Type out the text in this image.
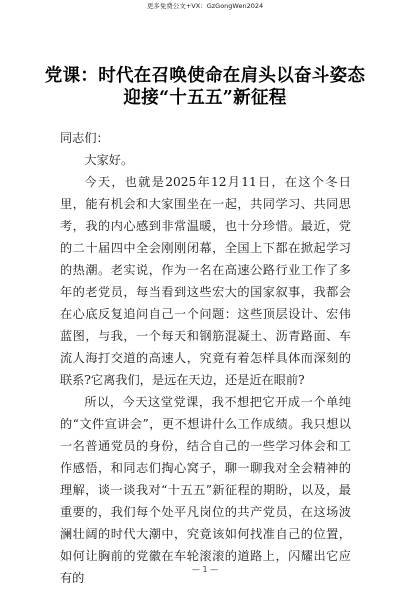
更多免费公文+VX：GzGongWen2024
党课：时代在召唤使命在肩头以奋斗姿态
迎接“十五五”新征程

同志们：

大家好。

今天，也就是2025年12月11日，在这个冬日里，能有机会和大家围坐在一起，共同学习、共同思考，我的内心感到非常温暖，也十分珍惜。最近，党的二十届四中全会刚刚闭幕，全国上下都在掀起学习的热潮。老实说，作为一名在高速公路行业工作了多年的老党员，每当看到这些宏大的国家叙事，我都会在心底反复追问自己一个问题：这些顶层设计、宏伟蓝图，与我，一个每天和钢筋混凝土、沥青路面、车流人海打交道的高速人，究竟有着怎样具体而深刻的联系?它离我们，是远在天边，还是近在眼前?

所以，今天这堂党课，我不想把它开成一个单纯的“文件宣讲会”，更不想讲什么工作成绩。我只想以一名普通党员的身份，结合自己的一些学习体会和工作感悟，和同志们掏心窝子，聊一聊我对全会精神的理解，谈一谈我对“十五五”新征程的期盼，以及，最重要的，我们每个处平凡岗位的共产党员，在这场波澜壮阔的时代大潮中，究竟该如何找准自己的位置，如何让胸前的党徽在车轮滚滚的道路上，闪耀出它应有的

— 1 —
